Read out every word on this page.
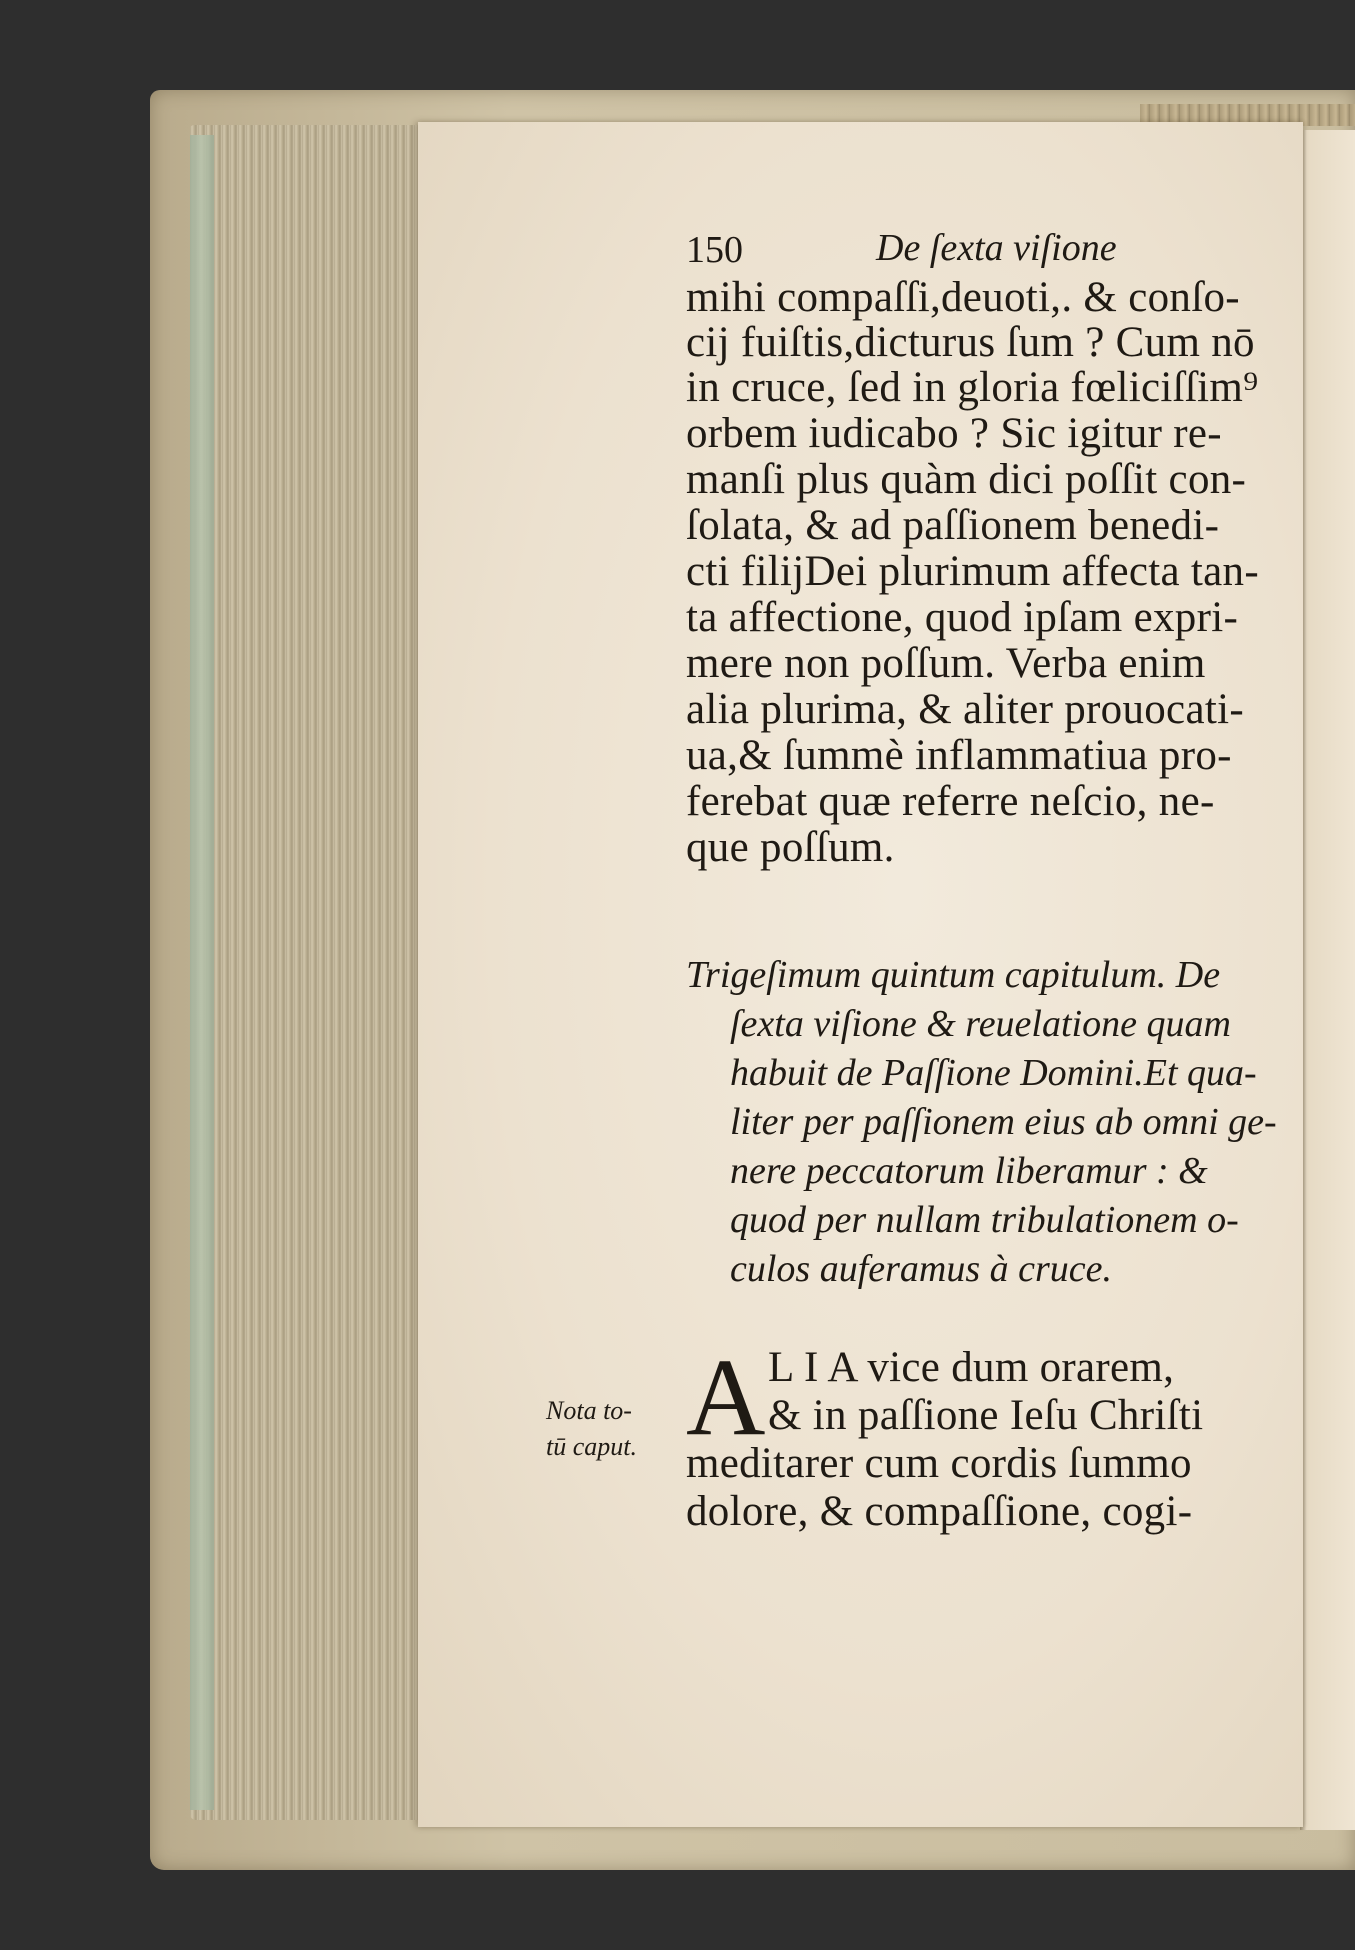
150	De ſexta viſione
mihi compaſſi,deuoti,. & conſo-
cij fuiſtis,dicturus ſum ? Cum nō
in cruce, ſed in gloria fœliciſſim⁹
orbem iudicabo ? Sic igitur re-
manſi plus quàm dici poſſit con-
ſolata, & ad paſſionem benedi-
cti filijDei plurimum affecta tan-
ta affectione, quod ipſam expri-
mere non poſſum. Verba enim
alia plurima, & aliter prouocati-
ua,& ſummè inflammatiua pro-
ferebat quæ referre neſcio, ne-
que poſſum.
Trigeſimum quintum capitulum. De
ſexta viſione & reuelatione quam
habuit de Paſſione Domini.Et qua-
liter per paſſionem eius ab omni ge-
nere peccatorum liberamur : &
quod per nullam tribulationem o-
culos auferamus à cruce.
A L I A vice dum orarem,
& in paſſione Ieſu Chriſti
meditarer cum cordis ſummo
dolore, & compaſſione, cogi-
Nota to-
tū caput.
